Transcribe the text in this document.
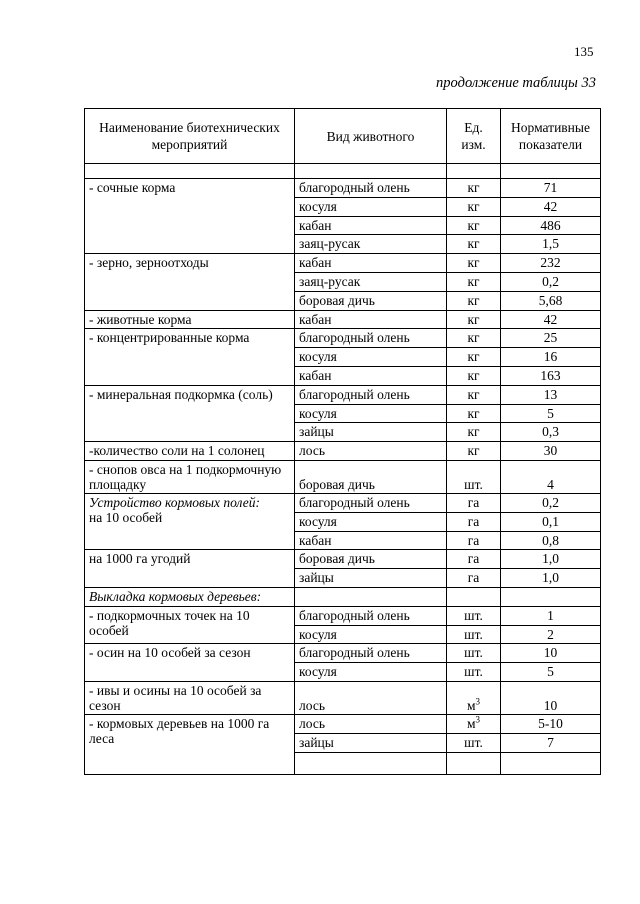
135
продолжение таблицы 33
Наименование биотехнических мероприятий	Вид животного	Ед. изм.	Нормативные показатели

- сочные корма	благородный олень	кг	71
	косуля	кг	42
	кабан	кг	486
	заяц-русак	кг	1,5
- зерно, зерноотходы	кабан	кг	232
	заяц-русак	кг	0,2
	боровая дичь	кг	5,68
- животные корма	кабан	кг	42
- концентрированные корма	благородный олень	кг	25
	косуля	кг	16
	кабан	кг	163
- минеральная подкормка (соль)	благородный олень	кг	13
	косуля	кг	5
	зайцы	кг	0,3
-количество соли на 1 солонец	лось	кг	30
- снопов овса на 1 подкормочную площадку	боровая дичь	шт.	4

Устройство кормовых полей:
на 10 особей	благородный олень	га	0,2
	косуля	га	0,1
	кабан	га	0,8
на 1000 га угодий	боровая дичь	га	1,0
	зайцы	га	1,0
Выкладка кормовых деревьев:			
- подкормочных точек на 10 особей	благородный олень	шт.	1
	косуля	шт.	2
- осин на 10 особей за сезон	благородный олень	шт.	10
	косуля	шт.	5
- ивы и осины на 10 особей за сезон	лось	$м^3$	10
- кормовых деревьев на 1000 га леса	лось	$м^3$	5-10
	зайцы	шт.	7
